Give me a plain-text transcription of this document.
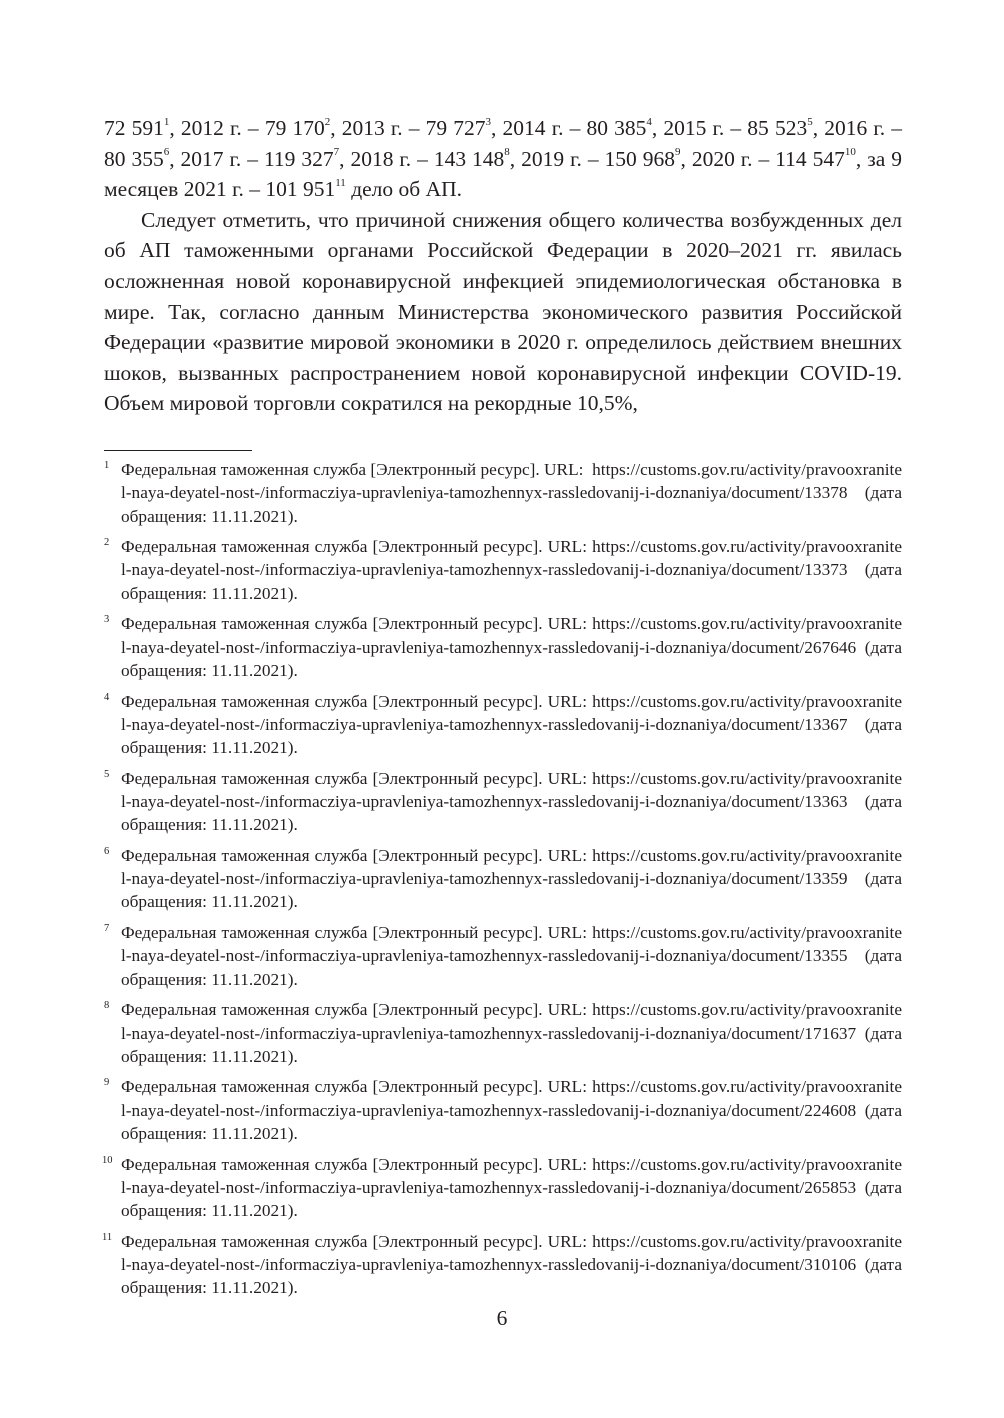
72 $591^1$, 2012 г. – 79 $170^2$, 2013 г. – 79 $727^3$, 2014 г. – 80 $385^4$, 2015 г. – 85 $523^5$, 2016 г. – 80 $355^6$, 2017 г. – 119 $327^7$, 2018 г. – 143 $148^8$, 2019 г. – 150 $968^9$, 2020 г. – 114 $547^{10}$, за 9 месяцев 2021 г. – 101 $951^{11}$ дело об АП.

Следует отметить, что причиной снижения общего количества возбужденных дел об АП таможенными органами Российской Федерации в 2020–2021 гг. явилась осложненная новой коронавирусной инфекцией эпидемиологическая обстановка в мире. Так, согласно данным Министерства экономического развития Российской Федерации «развитие мировой экономики в 2020 г. определилось действием внешних шоков, вызванных распространением новой коронавирусной инфекции COVID-19. Объем мировой торговли сократился на рекордные 10,5%,

1 Федеральная таможенная служба [Электронный ресурс]. URL: https://customs.gov.ru/activity/pravooxranitel-naya-deyatel-nost-/informacziya-upravleniya-tamozhennyx-rassledovanij-i-doznaniya/document/13378 (дата обращения: 11.11.2021).
2 Федеральная таможенная служба [Электронный ресурс]. URL: https://customs.gov.ru/activity/pravooxranitel-naya-deyatel-nost-/informacziya-upravleniya-tamozhennyx-rassledovanij-i-doznaniya/document/13373 (дата обращения: 11.11.2021).
3 Федеральная таможенная служба [Электронный ресурс]. URL: https://customs.gov.ru/activity/pravooxranitel-naya-deyatel-nost-/informacziya-upravleniya-tamozhennyx-rassledovanij-i-doznaniya/document/267646 (дата обращения: 11.11.2021).
4 Федеральная таможенная служба [Электронный ресурс]. URL: https://customs.gov.ru/activity/pravooxranitel-naya-deyatel-nost-/informacziya-upravleniya-tamozhennyx-rassledovanij-i-doznaniya/document/13367 (дата обращения: 11.11.2021).
5 Федеральная таможенная служба [Электронный ресурс]. URL: https://customs.gov.ru/activity/pravooxranitel-naya-deyatel-nost-/informacziya-upravleniya-tamozhennyx-rassledovanij-i-doznaniya/document/13363 (дата обращения: 11.11.2021).
6 Федеральная таможенная служба [Электронный ресурс]. URL: https://customs.gov.ru/activity/pravooxranitel-naya-deyatel-nost-/informacziya-upravleniya-tamozhennyx-rassledovanij-i-doznaniya/document/13359 (дата обращения: 11.11.2021).
7 Федеральная таможенная служба [Электронный ресурс]. URL: https://customs.gov.ru/activity/pravooxranitel-naya-deyatel-nost-/informacziya-upravleniya-tamozhennyx-rassledovanij-i-doznaniya/document/13355 (дата обращения: 11.11.2021).
8 Федеральная таможенная служба [Электронный ресурс]. URL: https://customs.gov.ru/activity/pravooxranitel-naya-deyatel-nost-/informacziya-upravleniya-tamozhennyx-rassledovanij-i-doznaniya/document/171637 (дата обращения: 11.11.2021).
9 Федеральная таможенная служба [Электронный ресурс]. URL: https://customs.gov.ru/activity/pravooxranitel-naya-deyatel-nost-/informacziya-upravleniya-tamozhennyx-rassledovanij-i-doznaniya/document/224608 (дата обращения: 11.11.2021).
10 Федеральная таможенная служба [Электронный ресурс]. URL: https://customs.gov.ru/activity/pravooxranitel-naya-deyatel-nost-/informacziya-upravleniya-tamozhennyx-rassledovanij-i-doznaniya/document/265853 (дата обращения: 11.11.2021).
11 Федеральная таможенная служба [Электронный ресурс]. URL: https://customs.gov.ru/activity/pravooxranitel-naya-deyatel-nost-/informacziya-upravleniya-tamozhennyx-rassledovanij-i-doznaniya/document/310106 (дата обращения: 11.11.2021).
6
